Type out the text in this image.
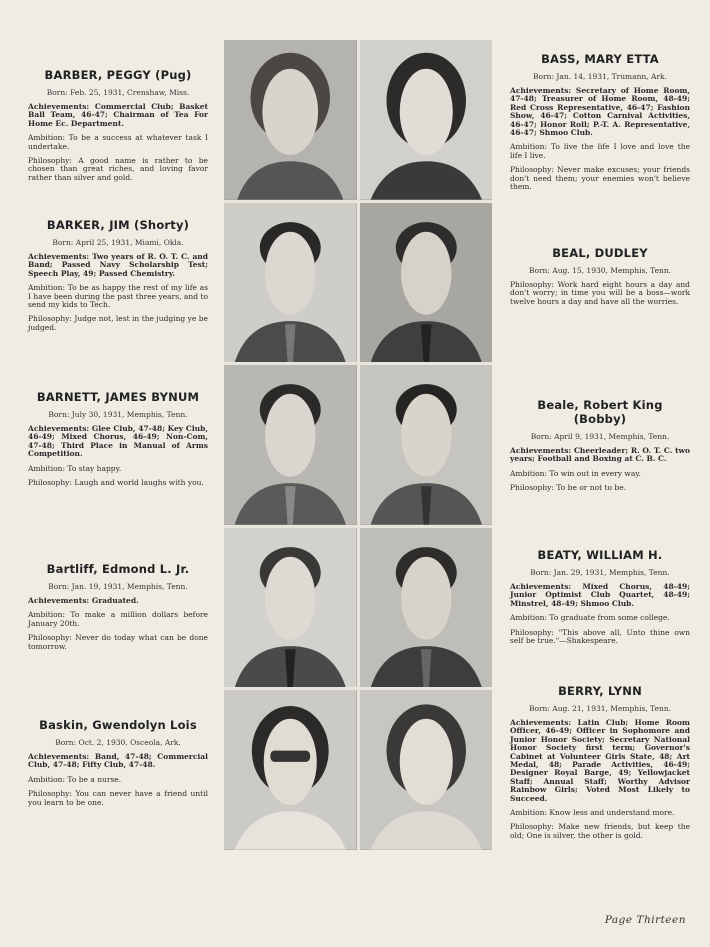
BARBER, PEGGY (Pug)
Born: Feb. 25, 1931, Crenshaw, Miss.

Achievements: Commercial Club; Basket Ball Team, 46-47; Chairman of Tea For Home Ec. Department.

Ambition: To be a success at whatever task I undertake.

Philosophy: A good name is rather to be chosen than great riches, and loving favor rather than silver and gold.

BARKER, JIM (Shorty)
Born: April 25, 1931, Miami, Okla.

Achievements: Two years of R. O. T. C. and Band; Passed Navy Scholarship Test; Speech Play, 49; Passed Chemistry.

Ambition: To be as happy the rest of my life as I have been during the past three years, and to send my kids to Tech.

Philosophy: Judge not, lest in the judging ye be judged.

BARNETT, JAMES BYNUM
Born: July 30, 1931, Memphis, Tenn.

Achievements: Glee Club, 47-48; Key Club, 46-49; Mixed Chorus, 46-49; Non-Com, 47-48; Third Place in Manual of Arms Competition.

Ambition: To stay happy.

Philosophy: Laugh and world laughs with you.

Bartliff, Edmond L. Jr.
Born: Jan. 19, 1931, Memphis, Tenn.

Achievements: Graduated.

Ambition: To make a million dollars before January 20th.

Philosophy: Never do today what can be done tomorrow.

Baskin, Gwendolyn Lois
Born: Oct. 2, 1930, Osceola, Ark.

Achievements: Band, 47-48; Commercial Club, 47-48; Fifty Club, 47-48.

Ambition: To be a nurse.

Philosophy: You can never have a friend until you learn to be one.

BASS, MARY ETTA
Born: Jan. 14, 1931, Trumann, Ark.

Achievements: Secretary of Home Room, 47-48; Treasurer of Home Room, 48-49; Red Cross Representative, 46-47; Fashion Show, 46-47; Cotton Carnival Activities, 46-47; Honor Roll; P.-T. A. Representative, 46-47; Shmoo Club.

Ambition: To live the life I love and love the life I live.

Philosophy: Never make excuses; your friends don't need them; your enemies won't believe them.

BEAL, DUDLEY
Born: Aug. 15, 1930, Memphis, Tenn.

Philosophy: Work hard eight hours a day and don't worry; in time you will be a boss—work twelve hours a day and have all the worries.

Beale, Robert King (Bobby)
Born: April 9, 1931, Memphis, Tenn.

Achievements: Cheerleader; R. O. T. C. two years; Football and Boxing at C. B. C.

Ambition: To win out in every way.

Philosophy: To be or not to be.

BEATY, WILLIAM H.
Born: Jan. 29, 1931, Memphis, Tenn.

Achievements: Mixed Chorus, 48-49; Junior Optimist Club Quartet, 48-49; Minstrel, 48-49; Shmoo Club.

Ambition: To graduate from some college.

Philosophy: "This above all, Unto thine own self be true."—Shakespeare.

BERRY, LYNN
Born: Aug. 21, 1931, Memphis, Tenn.

Achievements: Latin Club; Home Room Officer, 46-49; Officer in Sophomore and Junior Honor Society; Secretary National Honor Society first term; Governor's Cabinet at Volunteer Girls State, 48; Art Medal, 48; Parade Activities, 46-49; Designer Royal Barge, 49; Yellowjacket Staff; Annual Staff; Worthy Advisor Rainbow Girls; Voted Most Likely to Succeed.

Ambition: Know less and understand more.

Philosophy: Make new friends, but keep the old; One is silver, the other is gold.

Page Thirteen
